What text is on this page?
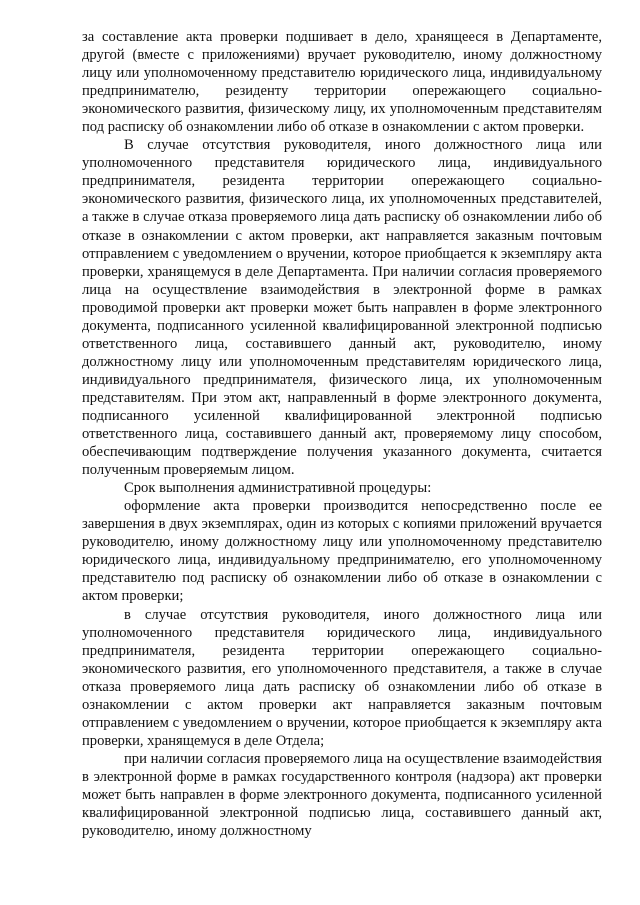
за составление акта проверки подшивает в дело, хранящееся в Департаменте, другой (вместе с приложениями) вручает руководителю, иному должностному лицу или уполномоченному представителю юридического лица, индивидуальному предпринимателю, резиденту территории опережающего социально-экономического развития, физическому лицу, их уполномоченным представителям под расписку об ознакомлении либо об отказе в ознакомлении с актом проверки.

В случае отсутствия руководителя, иного должностного лица или уполномоченного представителя юридического лица, индивидуального предпринимателя, резидента территории опережающего социально-экономического развития, физического лица, их уполномоченных представителей, а также в случае отказа проверяемого лица дать расписку об ознакомлении либо об отказе в ознакомлении с актом проверки, акт направляется заказным почтовым отправлением с уведомлением о вручении, которое приобщается к экземпляру акта проверки, хранящемуся в деле Департамента. При наличии согласия проверяемого лица на осуществление взаимодействия в электронной форме в рамках проводимой проверки акт проверки может быть направлен в форме электронного документа, подписанного усиленной квалифицированной электронной подписью ответственного лица, составившего данный акт, руководителю, иному должностному лицу или уполномоченным представителям юридического лица, индивидуального предпринимателя, физического лица, их уполномоченным представителям. При этом акт, направленный в форме электронного документа, подписанного усиленной квалифицированной электронной подписью ответственного лица, составившего данный акт, проверяемому лицу способом, обеспечивающим подтверждение получения указанного документа, считается полученным проверяемым лицом.

Срок выполнения административной процедуры:

оформление акта проверки производится непосредственно после ее завершения в двух экземплярах, один из которых с копиями приложений вручается руководителю, иному должностному лицу или уполномоченному представителю юридического лица, индивидуальному предпринимателю, его уполномоченному представителю под расписку об ознакомлении либо об отказе в ознакомлении с актом проверки;

в случае отсутствия руководителя, иного должностного лица или уполномоченного представителя юридического лица, индивидуального предпринимателя, резидента территории опережающего социально-экономического развития, его уполномоченного представителя, а также в случае отказа проверяемого лица дать расписку об ознакомлении либо об отказе в ознакомлении с актом проверки акт направляется заказным почтовым отправлением с уведомлением о вручении, которое приобщается к экземпляру акта проверки, хранящемуся в деле Отдела;

при наличии согласия проверяемого лица на осуществление взаимодействия в электронной форме в рамках государственного контроля (надзора) акт проверки может быть направлен в форме электронного документа, подписанного усиленной квалифицированной электронной подписью лица, составившего данный акт, руководителю, иному должностному
